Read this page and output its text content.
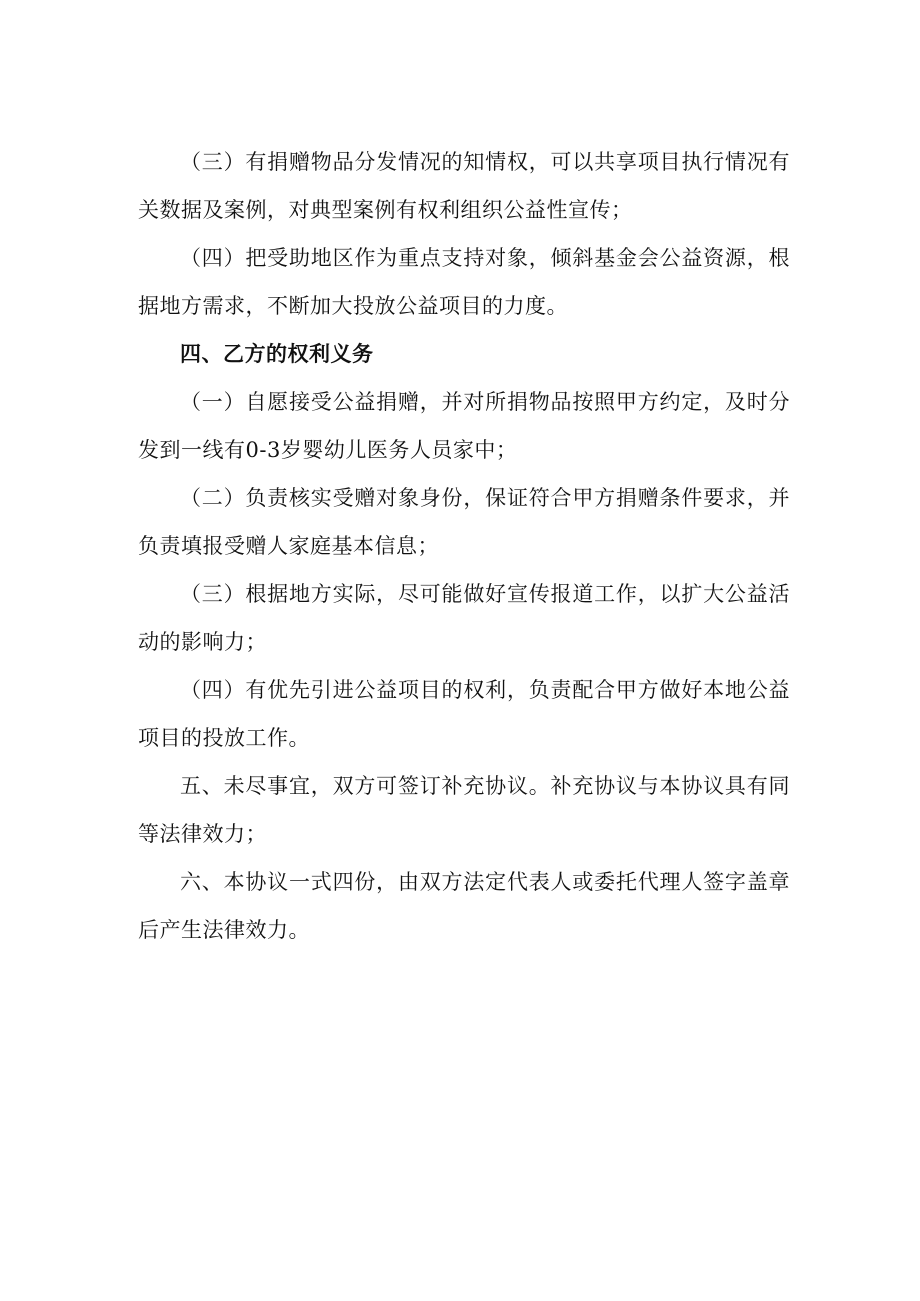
（三）有捐赠物品分发情况的知情权，可以共享项目执行情况有关数据及案例，对典型案例有权利组织公益性宣传；

（四）把受助地区作为重点支持对象，倾斜基金会公益资源，根据地方需求，不断加大投放公益项目的力度。

四、乙方的权利义务

（一）自愿接受公益捐赠，并对所捐物品按照甲方约定，及时分发到一线有0-3岁婴幼儿医务人员家中；

（二）负责核实受赠对象身份，保证符合甲方捐赠条件要求，并负责填报受赠人家庭基本信息；

（三）根据地方实际，尽可能做好宣传报道工作，以扩大公益活动的影响力；

（四）有优先引进公益项目的权利，负责配合甲方做好本地公益项目的投放工作。

五、未尽事宜，双方可签订补充协议。补充协议与本协议具有同等法律效力；

六、本协议一式四份，由双方法定代表人或委托代理人签字盖章后产生法律效力。
